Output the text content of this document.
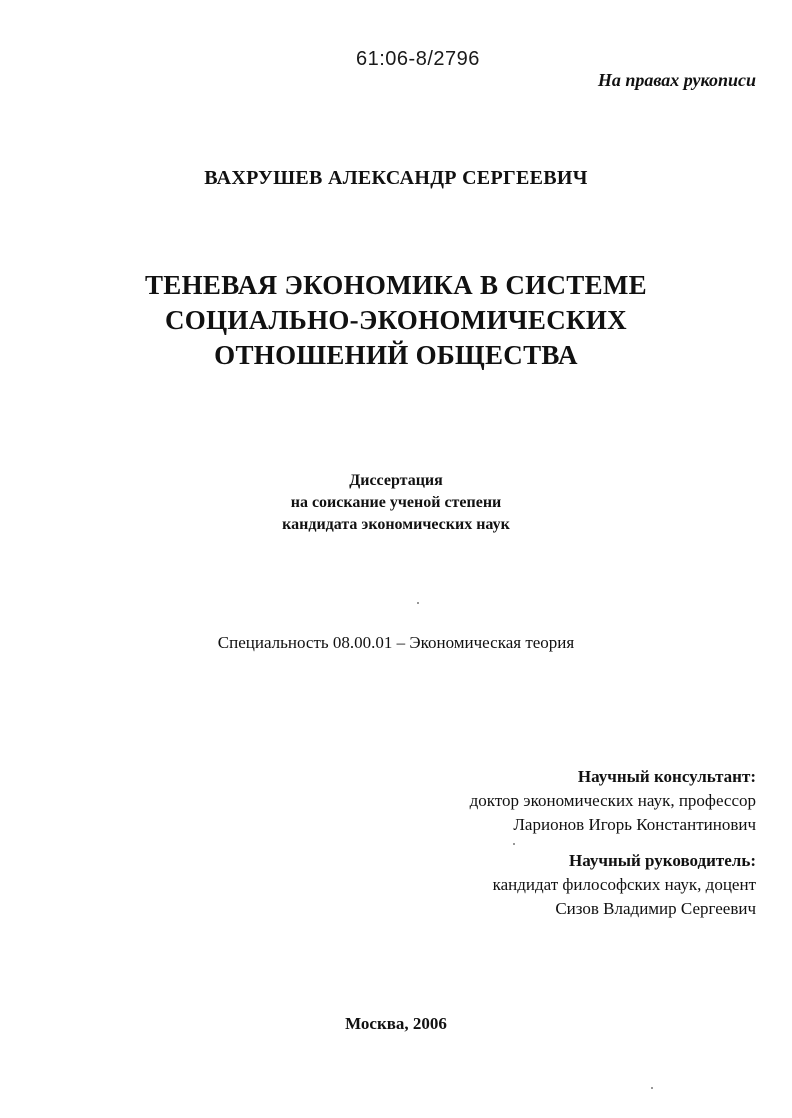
61:06-8/2796
На правах рукописи
ВАХРУШЕВ АЛЕКСАНДР СЕРГЕЕВИЧ
ТЕНЕВАЯ ЭКОНОМИКА В СИСТЕМЕ
СОЦИАЛЬНО-ЭКОНОМИЧЕСКИХ
ОТНОШЕНИЙ ОБЩЕСТВА
Диссертация
на соискание ученой степени
кандидата экономических наук
Специальность 08.00.01 – Экономическая теория
Научный консультант:
доктор экономических наук, профессор
Ларионов Игорь Константинович
Научный руководитель:
кандидат философских наук, доцент
Сизов Владимир Сергеевич
Москва, 2006
